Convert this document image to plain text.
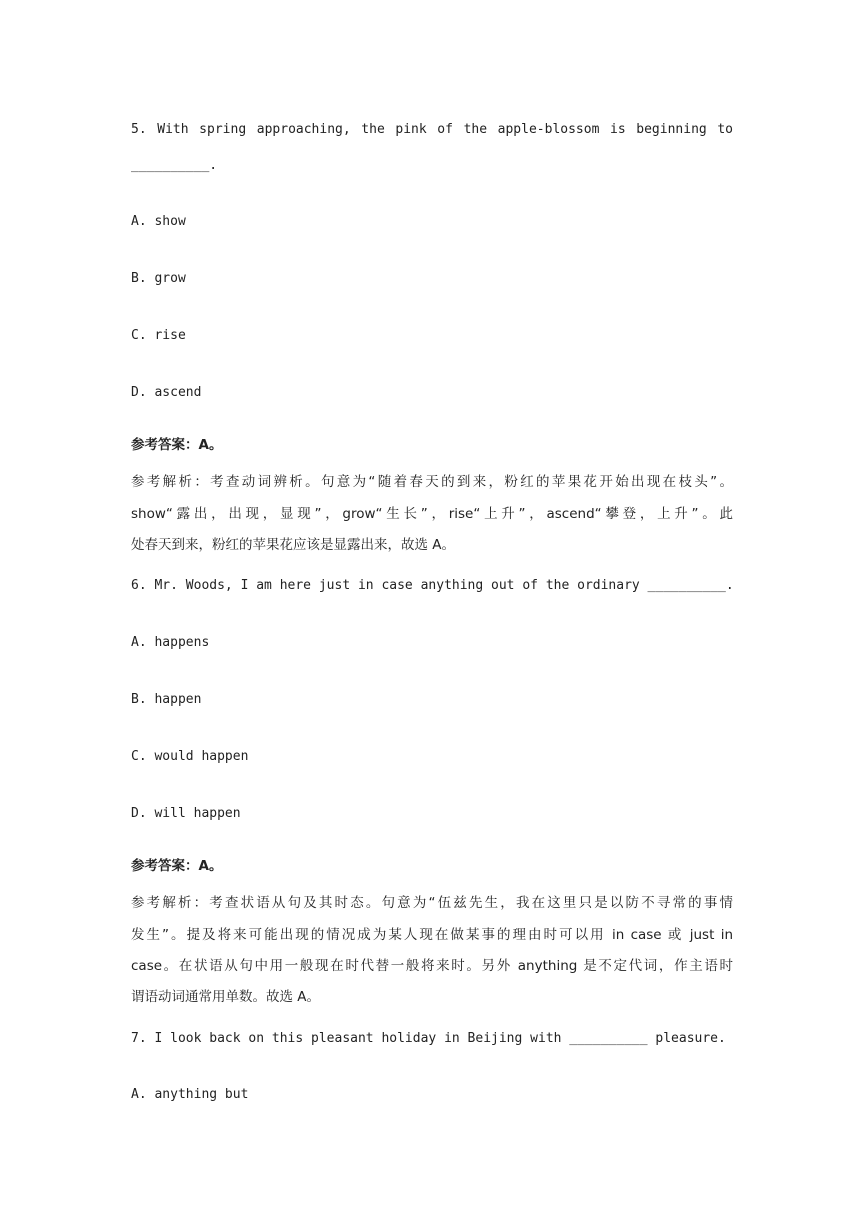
5. With spring approaching, the pink of the apple-blossom is beginning to
__________.
A. show
B. grow
C. rise
D. ascend
参考答案：A。
参考解析：考查动词辨析。句意为“随着春天的到来，粉红的苹果花开始出现在枝头”。
show“露出，出现，显现”，grow“生长”，rise“上升”，ascend“攀登，上升”。此
处春天到来，粉红的苹果花应该是显露出来，故选 A。
6. Mr. Woods, I am here just in case anything out of the ordinary __________.
A. happens
B. happen
C. would happen
D. will happen
参考答案：A。
参考解析：考查状语从句及其时态。句意为“伍兹先生，我在这里只是以防不寻常的事情
发生”。提及将来可能出现的情况成为某人现在做某事的理由时可以用 in case 或 just in
case。在状语从句中用一般现在时代替一般将来时。另外 anything 是不定代词，作主语时
谓语动词通常用单数。故选 A。
7. I look back on this pleasant holiday in Beijing with __________ pleasure.
A. anything but
